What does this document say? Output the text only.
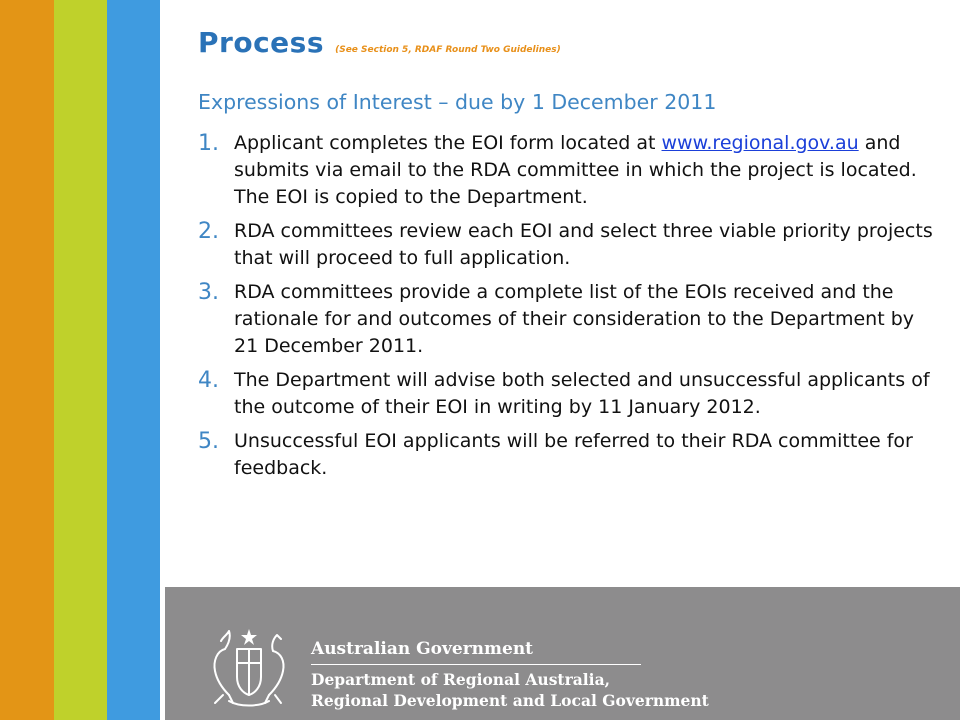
Process (See Section 5, RDAF Round Two Guidelines)
Expressions of Interest – due by 1 December 2011
1. Applicant completes the EOI form located at www.regional.gov.au and submits via email to the RDA committee in which the project is located. The EOI is copied to the Department.
2. RDA committees review each EOI and select three viable priority projects that will proceed to full application.
3. RDA committees provide a complete list of the EOIs received and the rationale for and outcomes of their consideration to the Department by 21 December 2011.
4. The Department will advise both selected and unsuccessful applicants of the outcome of their EOI in writing by 11 January 2012.
5. Unsuccessful EOI applicants will be referred to their RDA committee for feedback.
Australian Government
Department of Regional Australia,
Regional Development and Local Government
